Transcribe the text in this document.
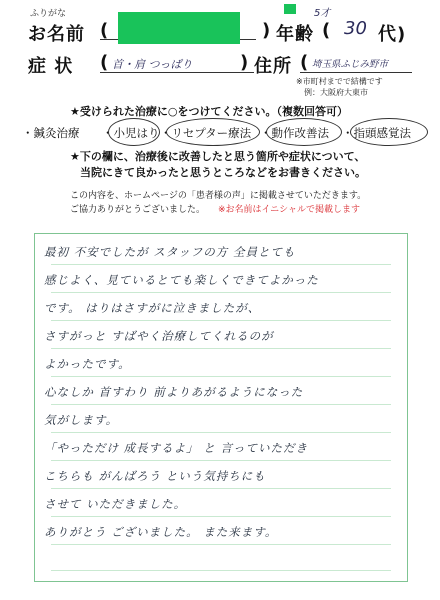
ふりがな
お名前 (	) 年齢 (
5才
30 代)
症 状 ( 首・肩 つっぱり	) 住所 ( 埼玉県ふじみ野市
※市町村までで結構です
例：大阪府大東市
★受けられた治療に○をつけてください。（複数回答可）
・鍼灸治療 ・小児はり ・リセプター療法 ・動作改善法 ・指頭感覚法
★下の欄に、治療後に改善したと思う箇所や症状について、
当院にきて良かったと思うところなどをお書きください。
この内容を、ホームページの「患者様の声」に掲載させていただきます。
ご協力ありがとうございました。 ※お名前はイニシャルで掲載します
最初 不安でしたが スタッフの方 全員とても
感じよく、見ているとても楽しくできてよかった
です。 はりはさすがに泣きましたが、
さすがっと すばやく治療してくれるのが
よかったです。
心なしか 首すわり 前よりあがるようになった
気がします。
「やっただけ 成長するよ」 と 言っていただき
こちらも がんばろう という気持ちにも
させて いただきました。
ありがとう ございました。 また来ます。
